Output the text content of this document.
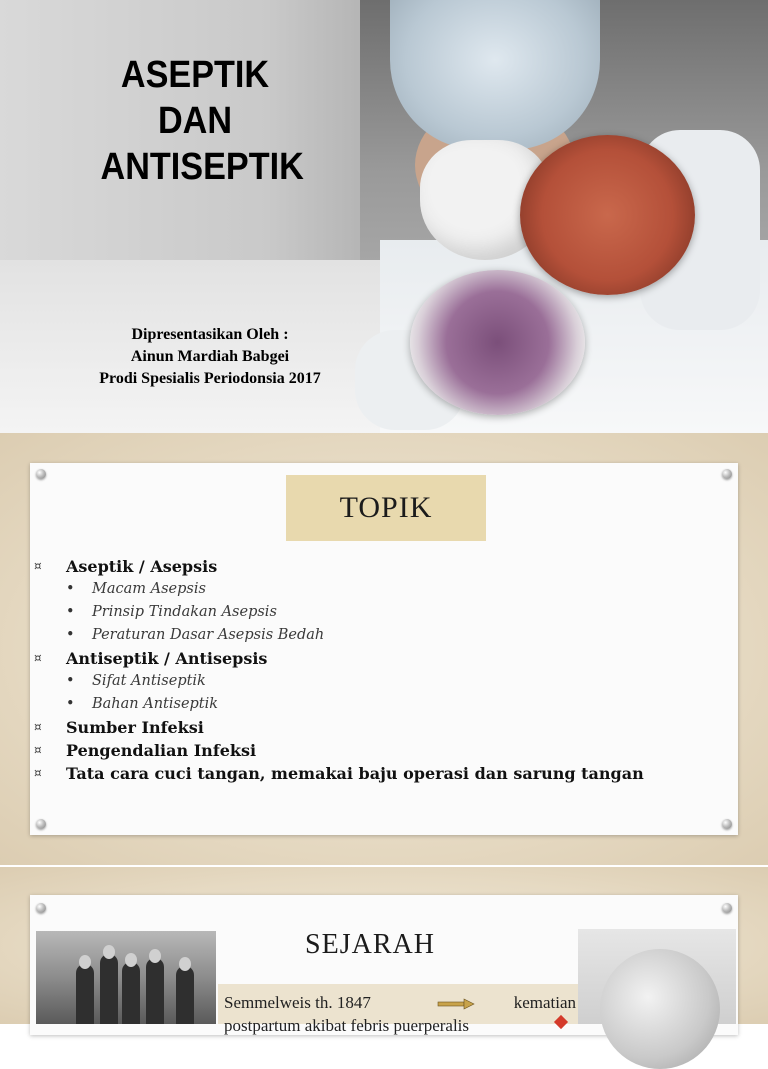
ASEPTIK
DAN
ANTISEPTIK
Dipresentasikan Oleh :
Ainun Mardiah Babgei
Prodi Spesialis Periodonsia 2017
TOPIK
¤	Aseptik / Asepsis
• Macam Asepsis
• Prinsip Tindakan Asepsis
• Peraturan Dasar Asepsis Bedah
¤	Antiseptik / Antisepsis
• Sifat Antiseptik
• Bahan Antiseptik
¤	Sumber Infeksi
¤	Pengendalian Infeksi
¤	Tata cara cuci tangan, memakai baju operasi dan sarung tangan
SEJARAH
Semmelweis th. 1847	kematian
